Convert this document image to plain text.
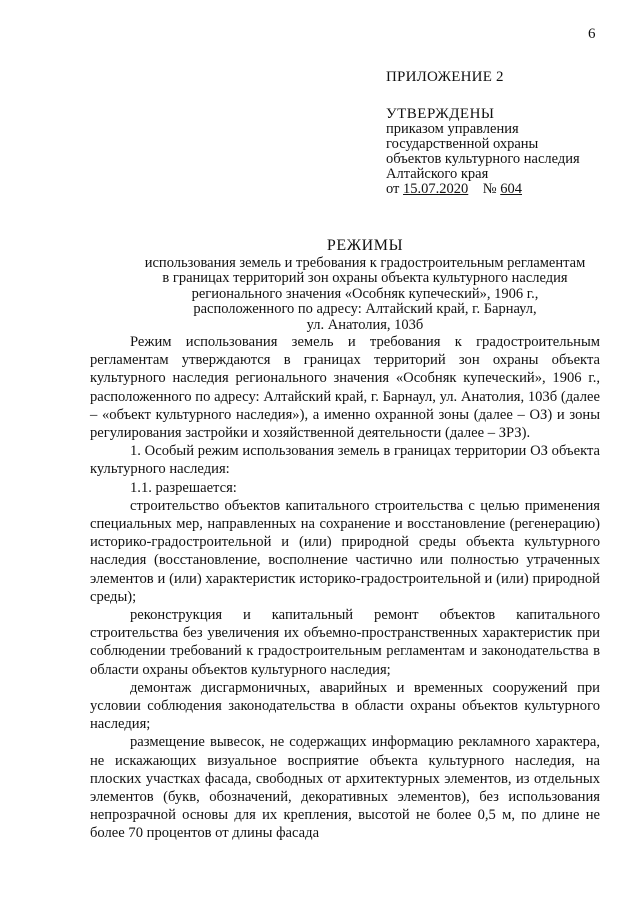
6
ПРИЛОЖЕНИЕ 2
УТВЕРЖДЕНЫ
приказом управления
государственной охраны
объектов культурного наследия
Алтайского края
от 15.07.2020 № 604
РЕЖИМЫ
использования земель и требования к градостроительным регламентам
в границах территорий зон охраны объекта культурного наследия
регионального значения «Особняк купеческий», 1906 г.,
расположенного по адресу: Алтайский край, г. Барнаул,
ул. Анатолия, 103б

Режим использования земель и требования к градостроительным регламентам утверждаются в границах территорий зон охраны объекта культурного наследия регионального значения «Особняк купеческий», 1906 г., расположенного по адресу: Алтайский край, г. Барнаул, ул. Анатолия, 103б (далее – «объект культурного наследия»), а именно охранной зоны (далее – ОЗ) и зоны регулирования застройки и хозяйственной деятельности (далее – ЗРЗ).

1. Особый режим использования земель в границах территории ОЗ объекта культурного наследия:

1.1. разрешается:

строительство объектов капитального строительства с целью применения специальных мер, направленных на сохранение и восстановление (регенерацию) историко-градостроительной и (или) природной среды объекта культурного наследия (восстановление, восполнение частично или полностью утраченных элементов и (или) характеристик историко-градостроительной и (или) природной среды);

реконструкция и капитальный ремонт объектов капитального строительства без увеличения их объемно-пространственных характеристик при соблюдении требований к градостроительным регламентам и законодательства в области охраны объектов культурного наследия;

демонтаж дисгармоничных, аварийных и временных сооружений при условии соблюдения законодательства в области охраны объектов культурного наследия;

размещение вывесок, не содержащих информацию рекламного характера, не искажающих визуальное восприятие объекта культурного наследия, на плоских участках фасада, свободных от архитектурных элементов, из отдельных элементов (букв, обозначений, декоративных элементов), без использования непрозрачной основы для их крепления, высотой не более 0,5 м, по длине не более 70 процентов от длины фасада
